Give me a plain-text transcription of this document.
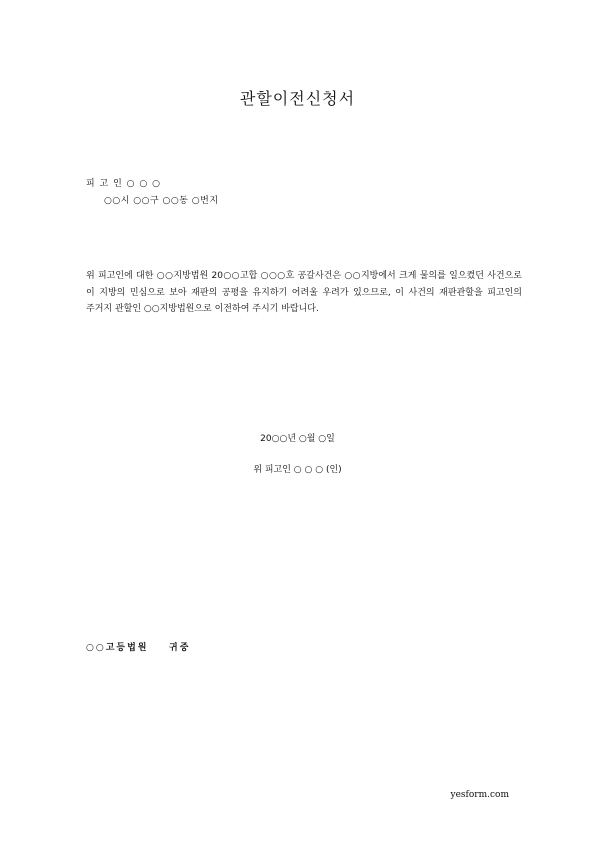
관할이전신청서
피 고 인 ○ ○ ○
○○시 ○○구 ○○동 ○번지
위 피고인에 대한 ○○지방법원 20○○고합 ○○○호 공갈사건은 ○○지방에서 크게 물의를 일으켰던 사건으로 이 지방의 민심으로 보아 재판의 공평을 유지하기 어려울 우려가 있으므로, 이 사건의 재판관할을 피고인의 주거지 관할인 ○○지방법원으로 이전하여 주시기 바랍니다.
20○○년 ○월 ○일
위 피고인 ○ ○ ○ (인)
○○고등법원    귀중
yesform.com
